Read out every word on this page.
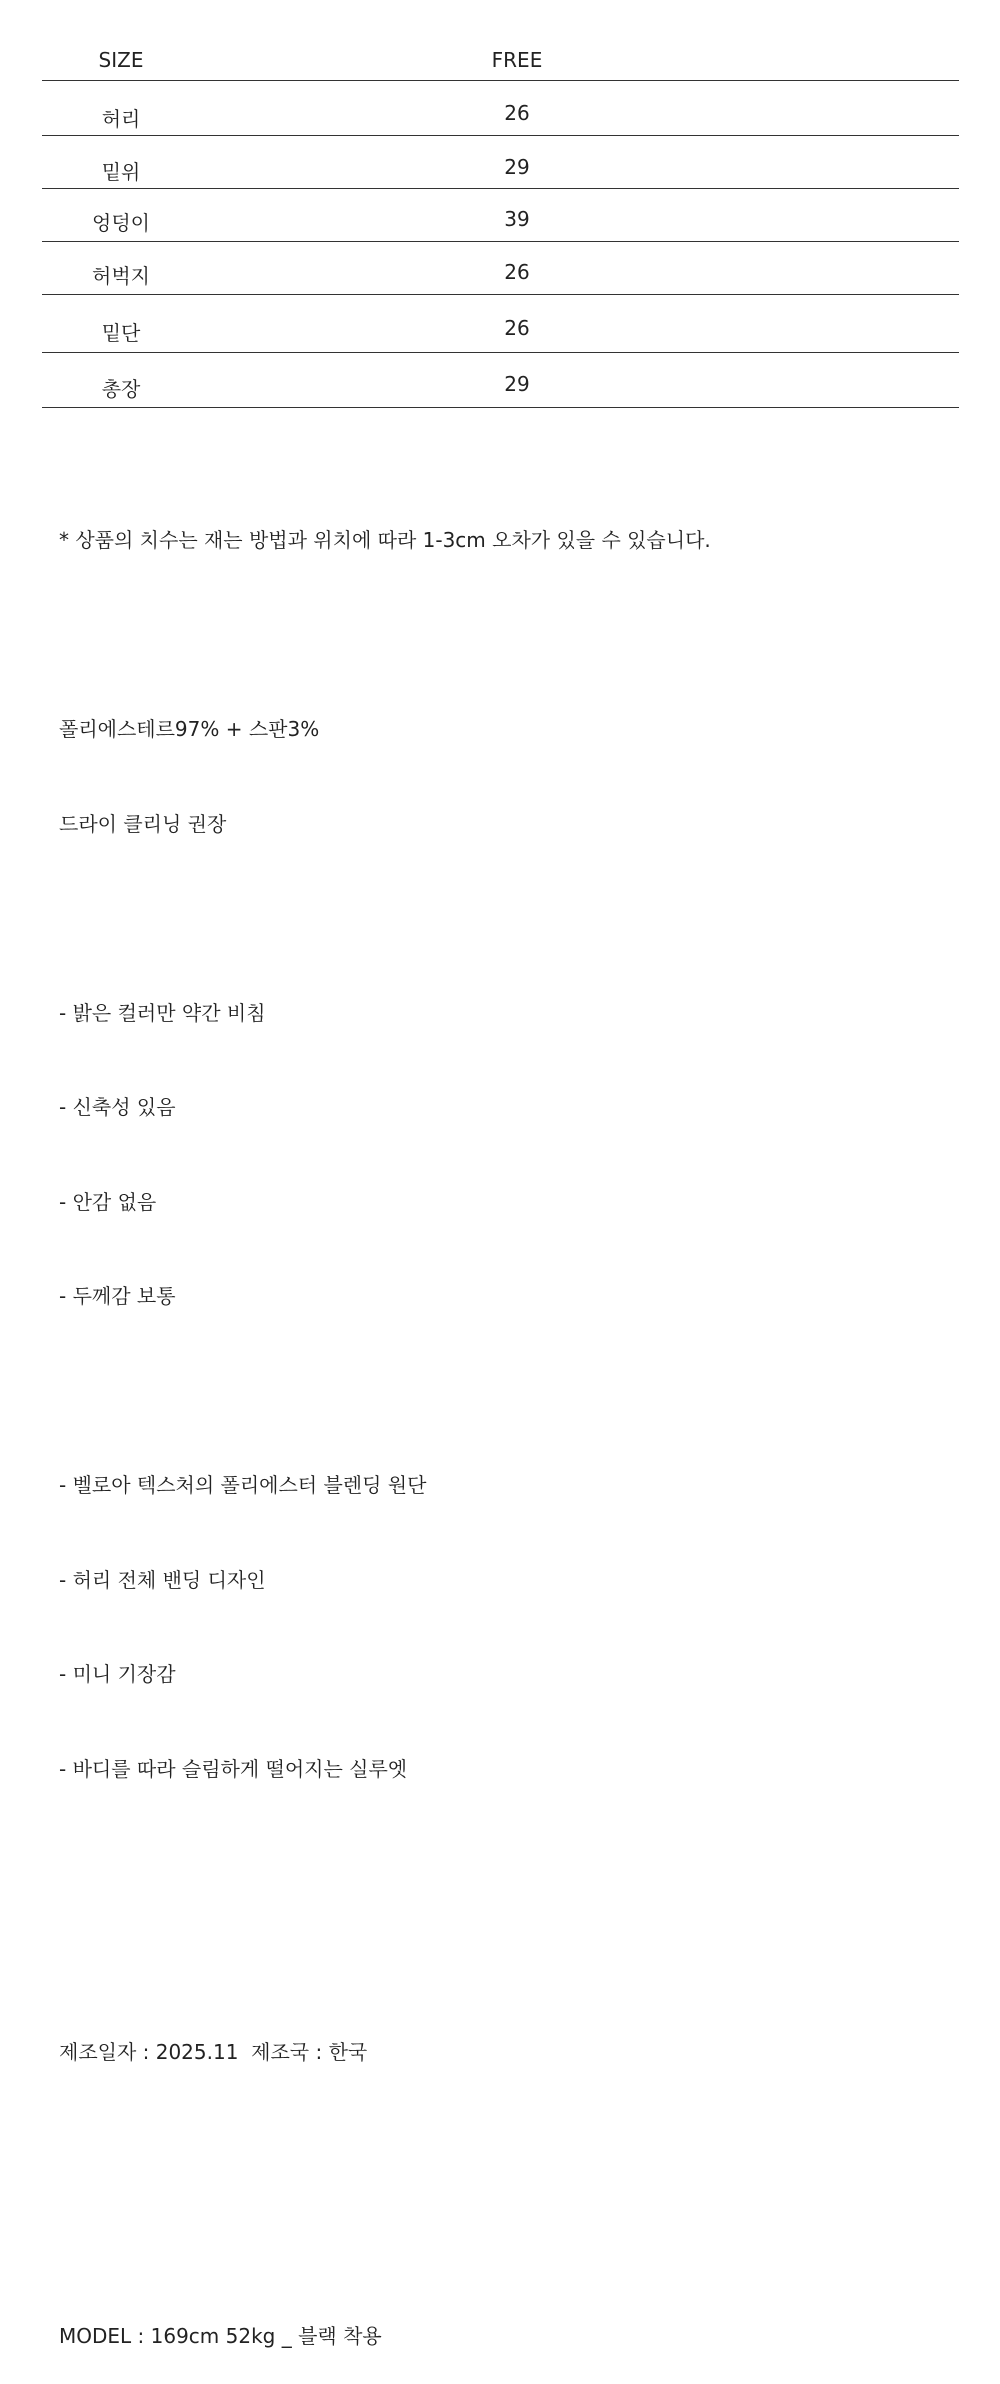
SIZE	FREE
허리	26
밑위	29
엉덩이	39
허벅지	26
밑단	26
총장	29

* 상품의 치수는 재는 방법과 위치에 따라 1-3cm 오차가 있을 수 있습니다.

폴리에스테르97% + 스판3%

드라이 클리닝 권장

- 밝은 컬러만 약간 비침

- 신축성 있음

- 안감 없음

- 두께감 보통

- 벨로아 텍스처의 폴리에스터 블렌딩 원단

- 허리 전체 밴딩 디자인

- 미니 기장감

- 바디를 따라 슬림하게 떨어지는 실루엣

제조일자 : 2025.11  제조국 : 한국

MODEL : 169cm 52kg _ 블랙 착용
